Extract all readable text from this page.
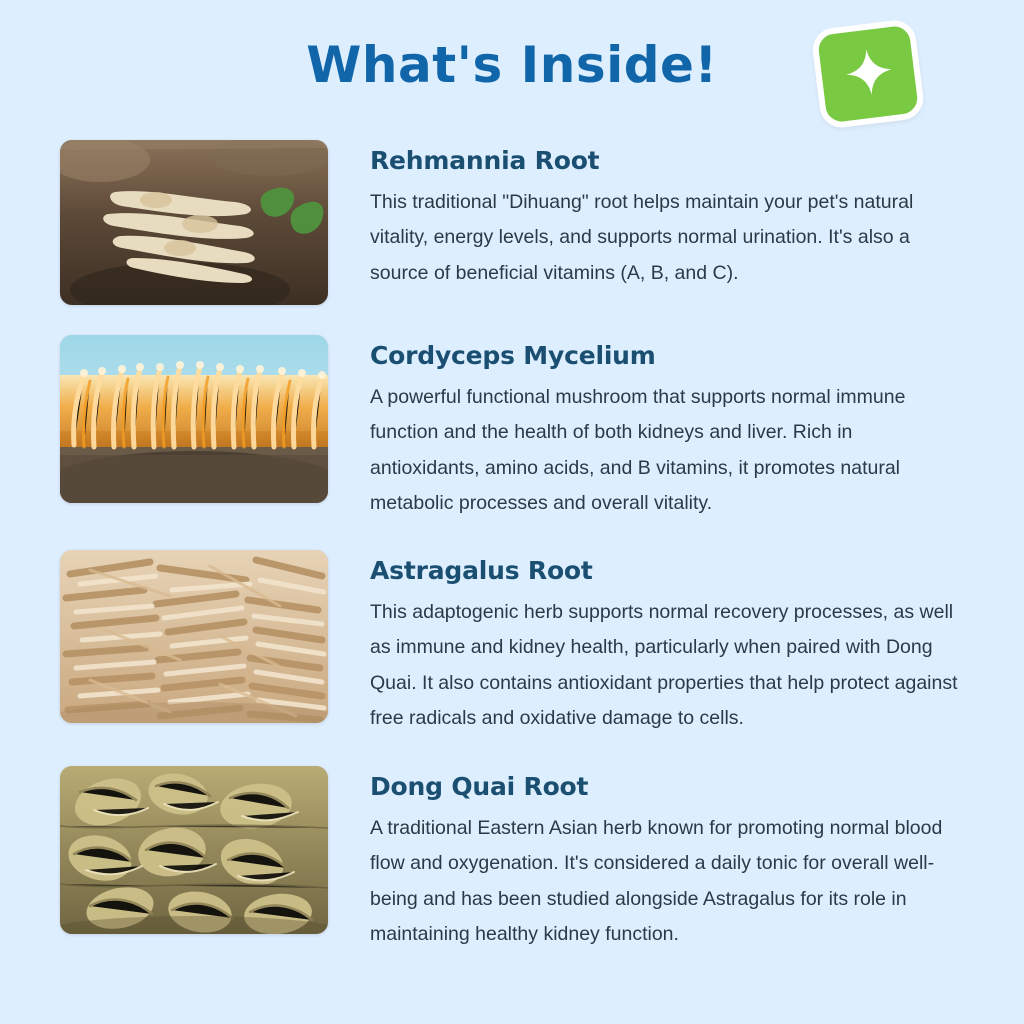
What's Inside!
Rehmannia Root

This traditional "Dihuang" root helps maintain your pet's natural vitality, energy levels, and supports normal urination. It's also a source of beneficial vitamins (A, B, and C).

Cordyceps Mycelium

A powerful functional mushroom that supports normal immune function and the health of both kidneys and liver. Rich in antioxidants, amino acids, and B vitamins, it promotes natural metabolic processes and overall vitality.

Astragalus Root

This adaptogenic herb supports normal recovery processes, as well as immune and kidney health, particularly when paired with Dong Quai. It also contains antioxidant properties that help protect against free radicals and oxidative damage to cells.

Dong Quai Root

A traditional Eastern Asian herb known for promoting normal blood flow and oxygenation. It's considered a daily tonic for overall well-being and has been studied alongside Astragalus for its role in maintaining healthy kidney function.
